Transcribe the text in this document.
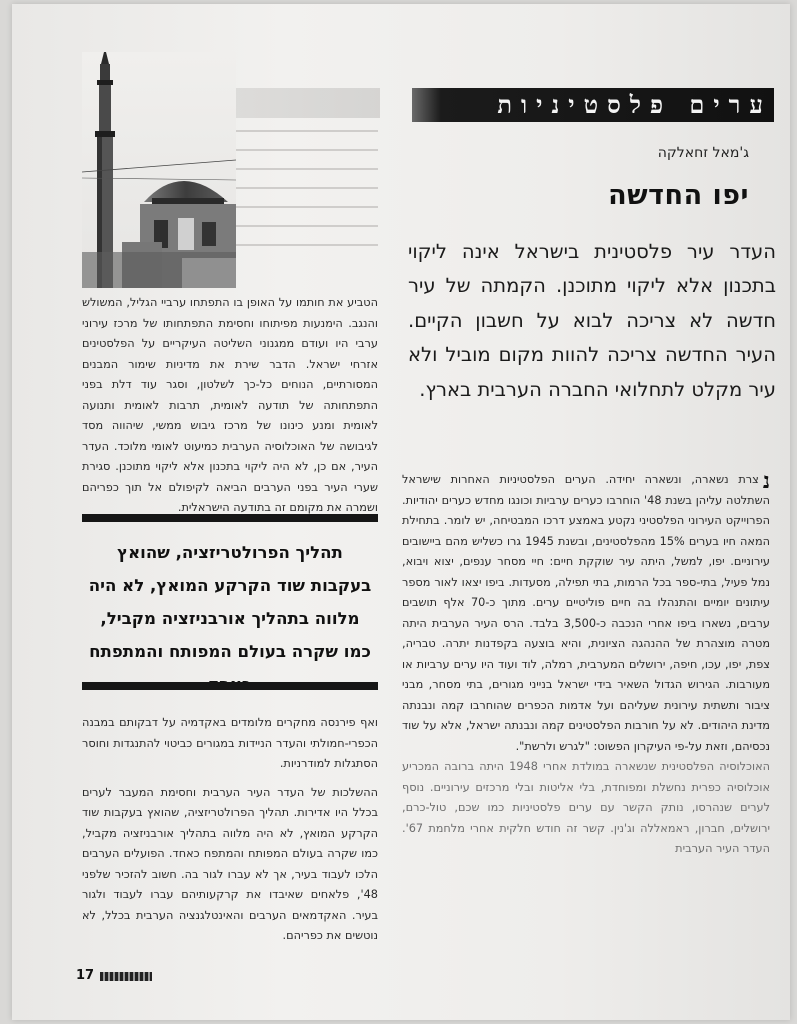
ערים פלסטיניות
ג'מאל זחאלקה
יפו החדשה
העדר עיר פלסטינית בישראל אינה ליקוי בתכנון אלא ליקוי מתוכנן. הקמתה של עיר חדשה לא צריכה לבוא על חשבון הקיים. העיר החדשה צריכה להוות מקום מוביל ולא עיר מקלט לתחלואי החברה הערבית בארץ.
נ
צרת נשארה, ונשארה יחידה. הערים הפלסטיניות האחרות שישראל השתלטה עליהן בשנת 48' הוחרבו כערים ערביות וכונגו מחדש כערים יהודיות. הפרוייקט העירוני הפלסטיני נקטע באמצע דרכו המבטיחה, יש לומר. בתחילת המאה חיו בערים 15% מהפלסטינים, ובשנת 1945 גרו כשליש מהם ביישובים עירוניים. יפו, למשל, היתה עיר שוקקת חיים: חיי מסחר ענפים, יצוא ויבוא, נמל פעיל, בתי-ספר בכל הרמות, בתי תפילה, מסעדות. ביפו יצאו לאור מספר עיתונים יומיים והתנהלו בה חיים פוליטיים ערים. מתוך כ-70 אלף תושבים ערבים, נשארו ביפו אחרי הנכבה כ-3,500 בלבד. הרס העיר הערבית היתה מטרה מוצהרת של ההנהגה הציונית, והיא בוצעה בקפדנות יתרה. טבריה, צפת, יפו, עכו, חיפה, ירושלים המערבית, רמלה, לוד ועוד היו ערים ערביות או מעורבות. הגירוש הגדול השאיר בידי ישראל בנייני מגורים, בתי מסחר, מבני ציבור ותשתית עירונית שעליהם ועל אדמות הכפרים שהוחרבו קמה ונבנתה מדינת היהודים. לא על חורבות הפלסטינים קמה ונבנתה ישראל, אלא על שוד נכסיהם, וזאת על-פי העיקרון הפשוט: "לגרש ולרשת".
האוכלוסיה הפלסטינית שנשארה במולדת אחרי 1948 היתה ברובה המכריע אוכלוסיה כפרית נחשלת ומפוחדת, בלי אליטות ובלי מרכזים עירוניים. נוסף לערים שנהרסו, נותק הקשר עם ערים פלסטיניות כמו שכם, טול-כרם, ירושלים, חברון, ראמאללה וג'נין. קשר זה חודש חלקית אחרי מלחמת 67'. העדר העיר הערבית
הטביע את חותמו על האופן בו התפתחו ערביי הגליל, המשולש והנגב. הימנעות מפיתוחו וחסימת התפתחותו של מרכז עירוני ערבי היו ועודם ממגנוני השליטה העיקריים על הפלסטינים אזרחי ישראל. הדבר שירת את מדיניות שימור המבנים המסורתיים, הנוחים כל-כך לשלטון, וסגר עוד דלת בפני התפתחותה של תודעה לאומית, תרבות לאומית ותנועה לאומית ומנע כינונו של מרכז גיבוש ממשי, שיהווה מסד לגיבושה של האוכלוסיה הערבית כמיעוט לאומי מלוכד. העדר העיר, אם כן, לא היה ליקוי בתכנון אלא ליקוי מתוכנן. סגירת שערי העיר בפני הערבים הביאה לקיפולם אל תוך כפריהם ושמרה את מקומם זה בתודעה הישראלית.
תהליך הפרולטריזציה, שהואץ בעקבות שוד הקרקע המואץ, לא היה מלווה בתהליך אורבניזציה מקביל, כמו שקרה בעולם המפותח והמתפתח
ואף פירנסה מחקרים מלומדים באקדמיה על דבקותם במבנה הכפרי-חמולתי והעדר הניידות במגורים כביטוי להתנגדות וחוסר הסתגלות למודרניות.
ההשלכות של העדר העיר הערבית וחסימת המעבר לערים בכלל היו אדירות. תהליך הפרולטריזציה, שהואץ בעקבות שוד הקרקע המואץ, לא היה מלווה בתהליך אורבניזציה מקביל, כמו שקרה בעולם המפותח והמתפח כאחד. הפועלים הערבים הלכו לעבוד בעיר, אך לא עברו לגור בה. חשוב להזכיר שלפני 48', פלאחים שאיבדו את קרקעותיהם עברו לעבוד ולגור בעיר. האקדמאים הערבים והאינטלגנציה הערבית בכלל, לא נוטשים את כפריהם.
17
